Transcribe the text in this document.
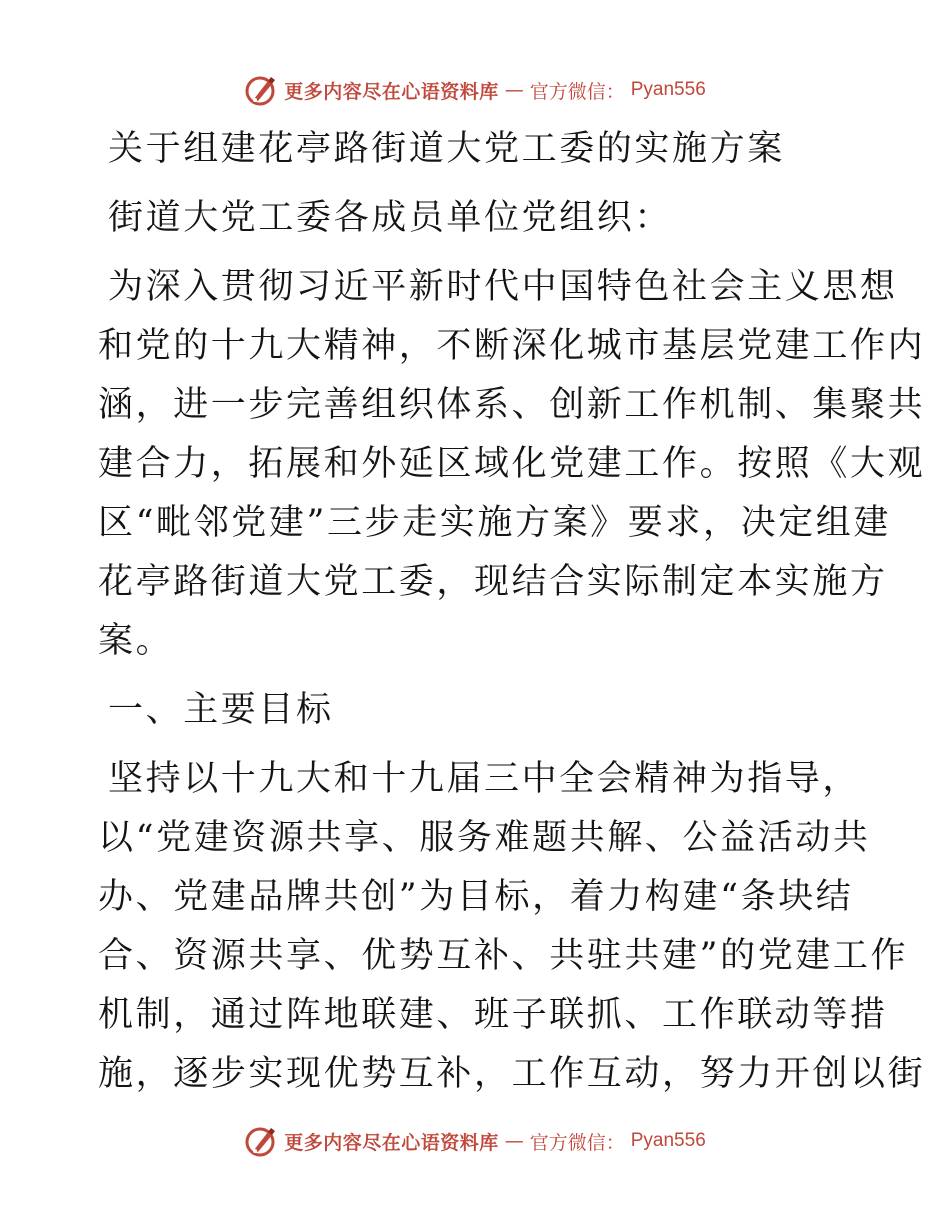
更多内容尽在心语资料库 — 官方微信： Pyan556
关于组建花亭路街道大党工委的实施方案
街道大党工委各成员单位党组织：
为深入贯彻习近平新时代中国特色社会主义思想
和党的十九大精神，不断深化城市基层党建工作内
涵，进一步完善组织体系、创新工作机制、集聚共
建合力，拓展和外延区域化党建工作。按照《大观
区“毗邻党建”三步走实施方案》要求，决定组建
花亭路街道大党工委，现结合实际制定本实施方
案。
一、主要目标
坚持以十九大和十九届三中全会精神为指导，
以“党建资源共享、服务难题共解、公益活动共
办、党建品牌共创”为目标，着力构建“条块结
合、资源共享、优势互补、共驻共建”的党建工作
机制，通过阵地联建、班子联抓、工作联动等措
施，逐步实现优势互补，工作互动，努力开创以街
更多内容尽在心语资料库 — 官方微信： Pyan556
